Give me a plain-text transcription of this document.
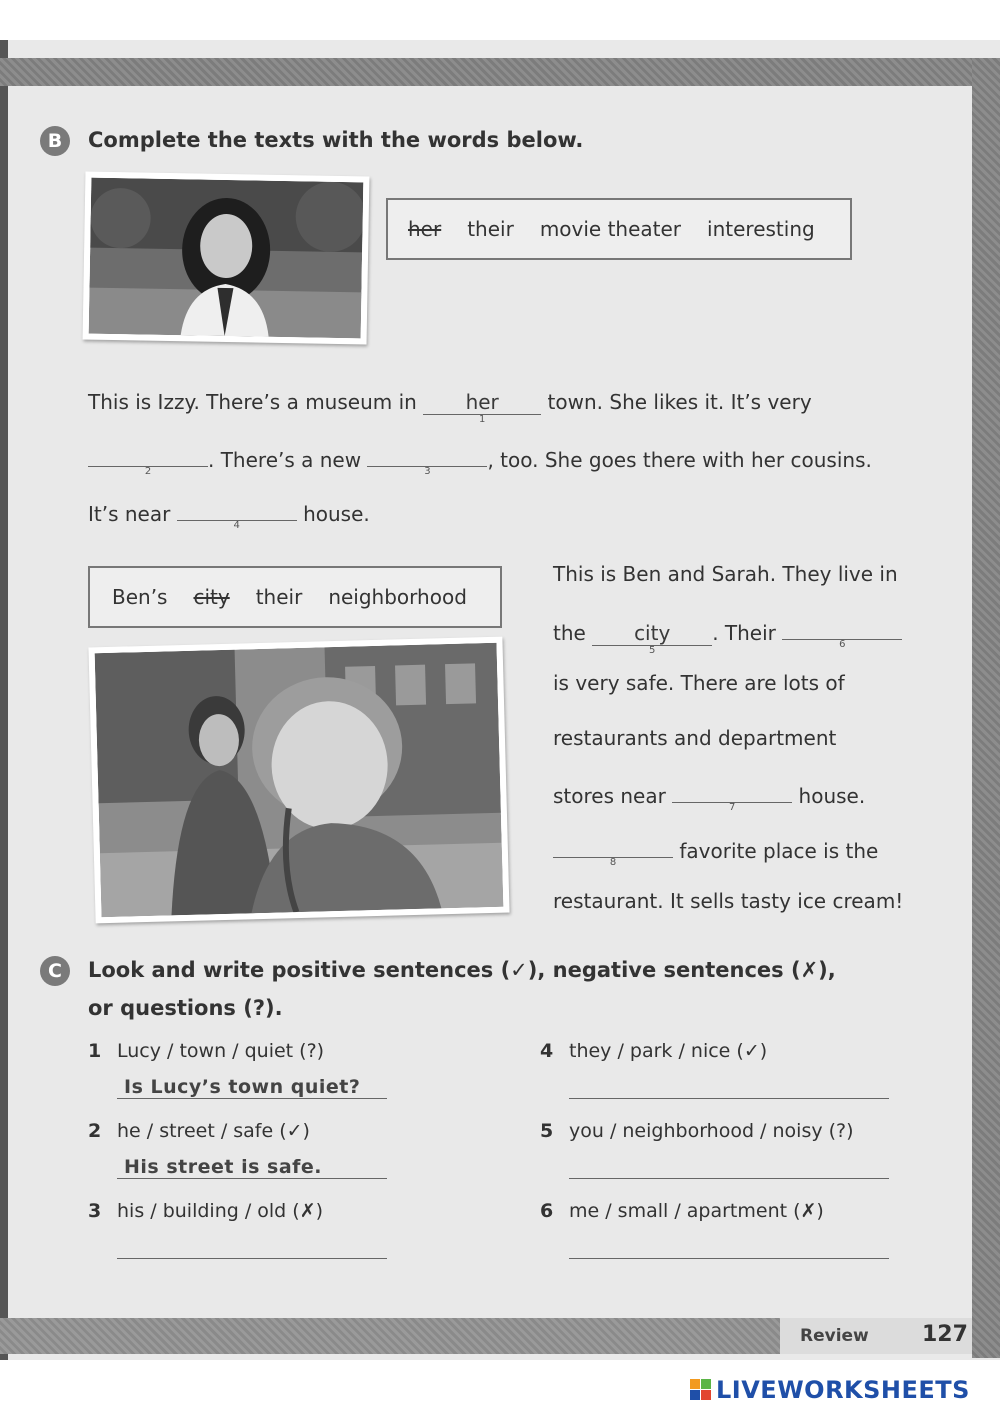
B	Complete the texts with the words below.
her their movie theater interesting
This is Izzy. There’s a museum in her
1
town. She likes it. It’s very
2	. There’s a new	3	, too. She goes there with her cousins.
It’s near	4	house.
Ben’s city their neighborhood
This is Ben and Sarah. They live in
the city
5
. Their	6
is very safe. There are lots of
restaurants and department
stores near	7	house.
8	favorite place is the
restaurant. It sells tasty ice cream!
C	Look and write positive sentences (✓), negative sentences (✗),
or questions (?).
1 Lucy / town / quiet (?)
Is Lucy’s town quiet?
2 he / street / safe (✓)
His street is safe.
3 his / building / old (✗)
4 they / park / nice (✓)
5 you / neighborhood / noisy (?)
6 me / small / apartment (✗)
Review 127
LIVEWORKSHEETS
